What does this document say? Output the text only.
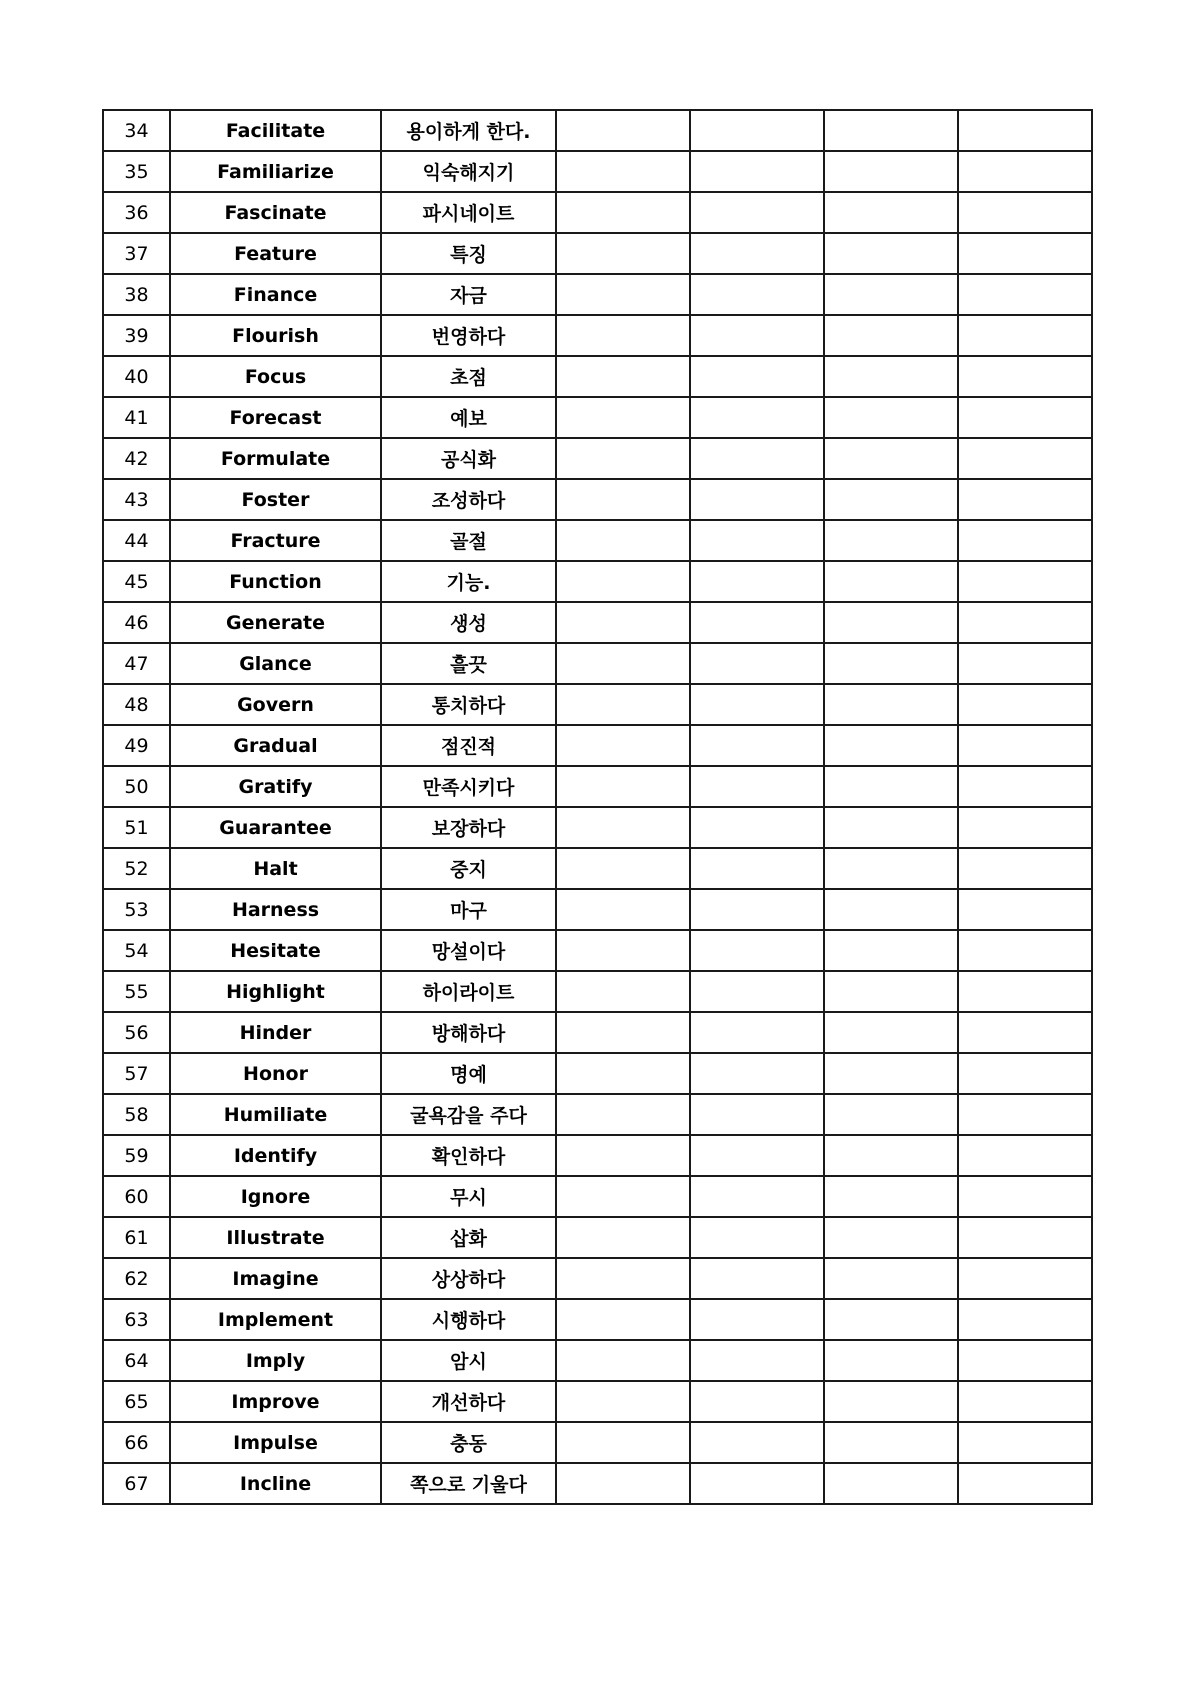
34	Facilitate	용이하게 한다.				
35	Familiarize	익숙해지기				
36	Fascinate	파시네이트				
37	Feature	특징				
38	Finance	자금				
39	Flourish	번영하다				
40	Focus	초점				
41	Forecast	예보				
42	Formulate	공식화				
43	Foster	조성하다				
44	Fracture	골절				
45	Function	기능.				
46	Generate	생성				
47	Glance	흘끗				
48	Govern	통치하다				
49	Gradual	점진적				
50	Gratify	만족시키다				
51	Guarantee	보장하다				
52	Halt	중지				
53	Harness	마구				
54	Hesitate	망설이다				
55	Highlight	하이라이트				
56	Hinder	방해하다				
57	Honor	명예				
58	Humiliate	굴욕감을 주다				
59	Identify	확인하다				
60	Ignore	무시				
61	Illustrate	삽화				
62	Imagine	상상하다				
63	Implement	시행하다				
64	Imply	암시				
65	Improve	개선하다				
66	Impulse	충동				
67	Incline	쪽으로 기울다				
